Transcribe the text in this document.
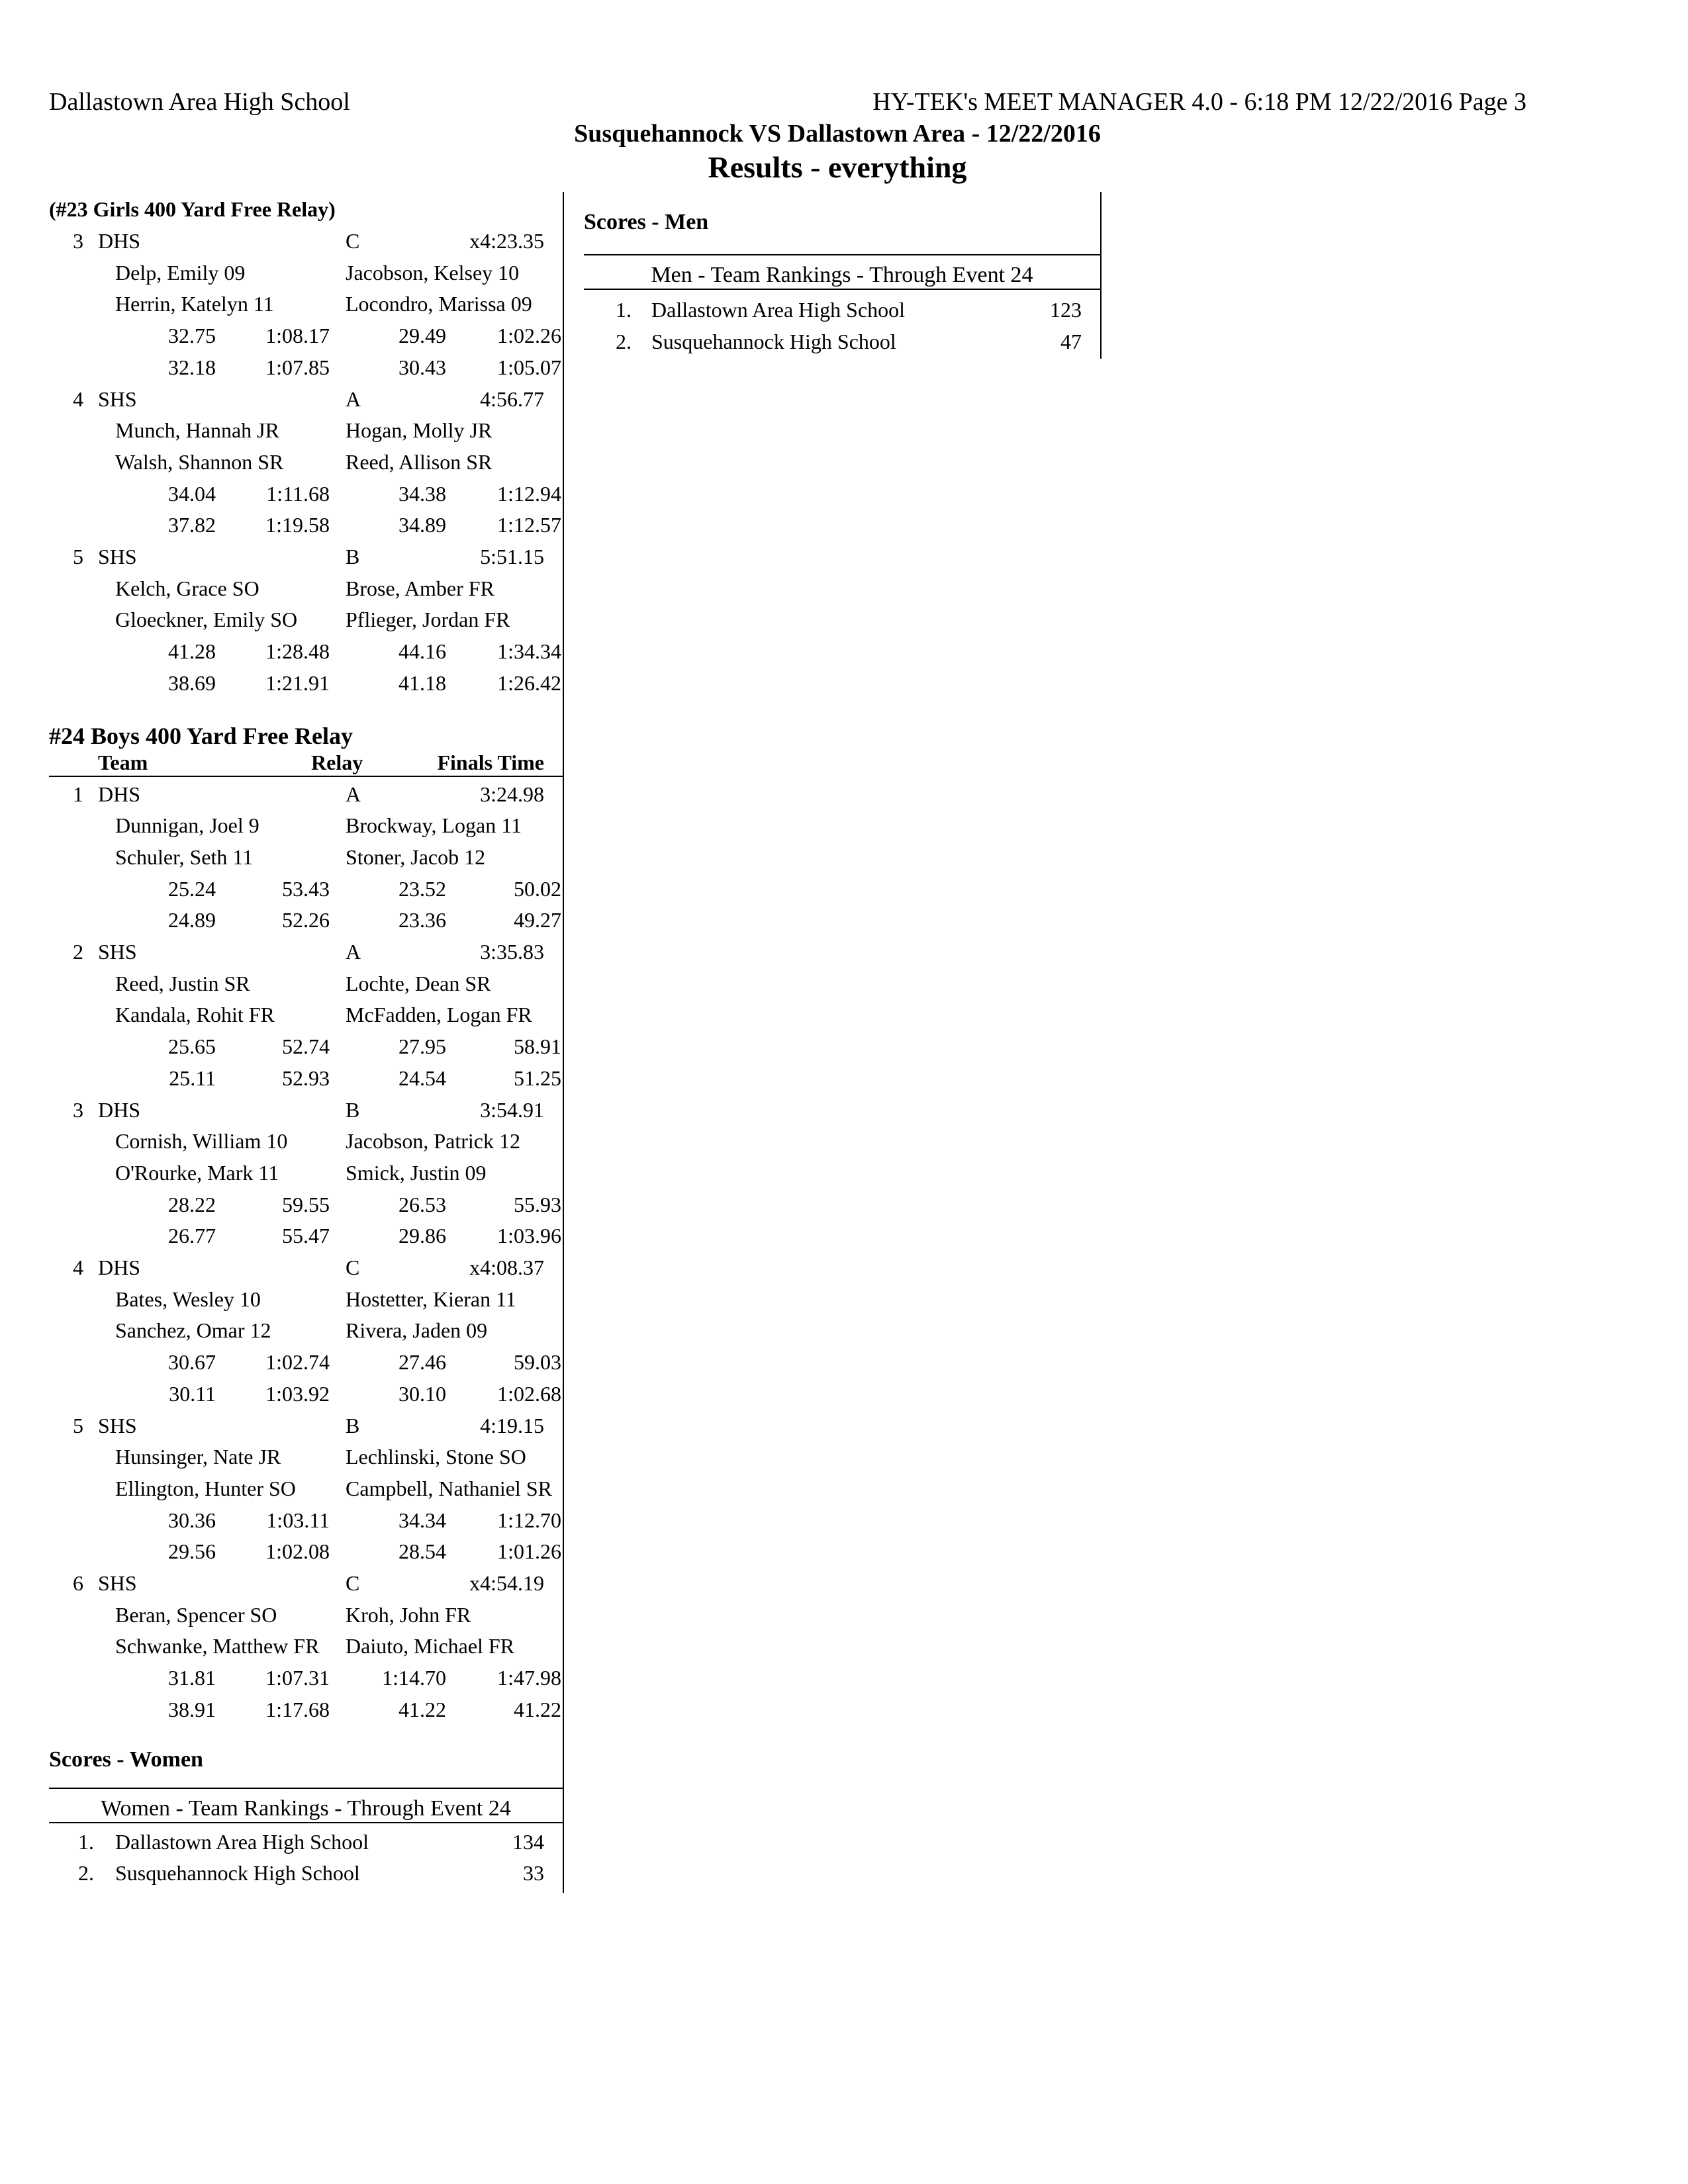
Dallastown Area High School	HY-TEK's MEET MANAGER 4.0 - 6:18 PM 12/22/2016 Page 3
Susquehannock VS Dallastown Area - 12/22/2016
Results - everything
(#23 Girls 400 Yard Free Relay)
3 DHS	C	x4:23.35
Delp, Emily 09	Jacobson, Kelsey 10
Herrin, Katelyn 11	Locondro, Marissa 09
32.75	1:08.17	29.49	1:02.26
32.18	1:07.85	30.43	1:05.07
4 SHS	A	4:56.77
Munch, Hannah JR	Hogan, Molly JR
Walsh, Shannon SR	Reed, Allison SR
34.04	1:11.68	34.38	1:12.94
37.82	1:19.58	34.89	1:12.57
5 SHS	B	5:51.15
Kelch, Grace SO	Brose, Amber FR
Gloeckner, Emily SO Pflieger, Jordan FR
41.28	1:28.48	44.16	1:34.34
38.69	1:21.91	41.18	1:26.42
#24 Boys 400 Yard Free Relay
Team	Relay	Finals Time
1 DHS	A	3:24.98
Dunnigan, Joel 9	Brockway, Logan 11
Schuler, Seth 11	Stoner, Jacob 12
25.24	53.43	23.52	50.02
24.89	52.26	23.36	49.27
2 SHS	A	3:35.83
Reed, Justin SR	Lochte, Dean SR
Kandala, Rohit FR	McFadden, Logan FR
25.65	52.74	27.95	58.91
25.11	52.93	24.54	51.25
3 DHS	B	3:54.91
Cornish, William 10	Jacobson, Patrick 12
O'Rourke, Mark 11	Smick, Justin 09
28.22	59.55	26.53	55.93
26.77	55.47	29.86	1:03.96
4 DHS	C	x4:08.37
Bates, Wesley 10	Hostetter, Kieran 11
Sanchez, Omar 12	Rivera, Jaden 09
30.67	1:02.74	27.46	59.03
30.11	1:03.92	30.10	1:02.68
5 SHS	B	4:19.15
Hunsinger, Nate JR	Lechlinski, Stone SO
Ellington, Hunter SO Campbell, Nathaniel SR
30.36	1:03.11	34.34	1:12.70
29.56	1:02.08	28.54	1:01.26
6 SHS	C	x4:54.19
Beran, Spencer SO	Kroh, John FR
Schwanke, Matthew FR Daiuto, Michael FR
31.81	1:07.31	1:14.70	1:47.98
38.91	1:17.68	41.22	41.22
Scores - Women
Women - Team Rankings - Through Event 24
1. Dallastown Area High School	134
2. Susquehannock High School	33
Scores - Men
Men - Team Rankings - Through Event 24
1. Dallastown Area High School	123
2. Susquehannock High School	47
